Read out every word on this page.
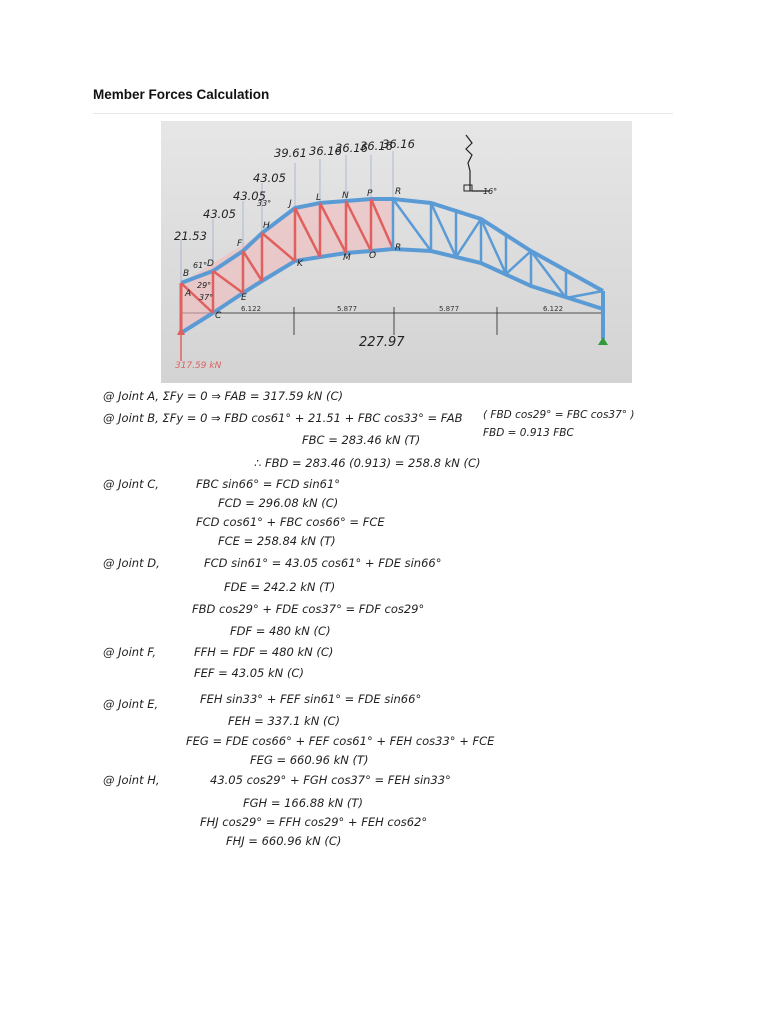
Member Forces Calculation
6.122	5.877	5.877	6.122
21.53
43.05
43.05
43.05
39.61 36.16
36.16
36.16
36.16
A
B
C
D
E
F
H
J
K
L
M
N
O
P	R
R
61°
29°
37°
33°
16°
317.59 kN
227.97
@ Joint A, ΣFy = 0 ⇒ FAB = 317.59 kN (C)
@ Joint B, ΣFy = 0 ⇒ FBD cos61° + 21.51 + FBC cos33° = FAB ( FBD cos29° = FBC cos37° )
FBD = 0.913 FBC
FBC = 283.46 kN (T)
∴ FBD = 283.46 (0.913) = 258.8 kN (C)
@ Joint C,	FBC sin66° = FCD sin61°
FCD = 296.08 kN (C)
FCD cos61° + FBC cos66° = FCE
FCE = 258.84 kN (T)
@ Joint D,	FCD sin61° = 43.05 cos61° + FDE sin66°
FDE = 242.2 kN (T)
FBD cos29° + FDE cos37° = FDF cos29°
FDF = 480 kN (C)
@ Joint F,	FFH = FDF = 480 kN (C)
FEF = 43.05 kN (C)
@ Joint E,	FEH sin33° + FEF sin61° = FDE sin66°
FEH = 337.1 kN (C)
FEG = FDE cos66° + FEF cos61° + FEH cos33° + FCE
FEG = 660.96 kN (T)
@ Joint H,	43.05 cos29° + FGH cos37° = FEH sin33°
FGH = 166.88 kN (T)
FHJ cos29° = FFH cos29° + FEH cos62°
FHJ = 660.96 kN (C)
